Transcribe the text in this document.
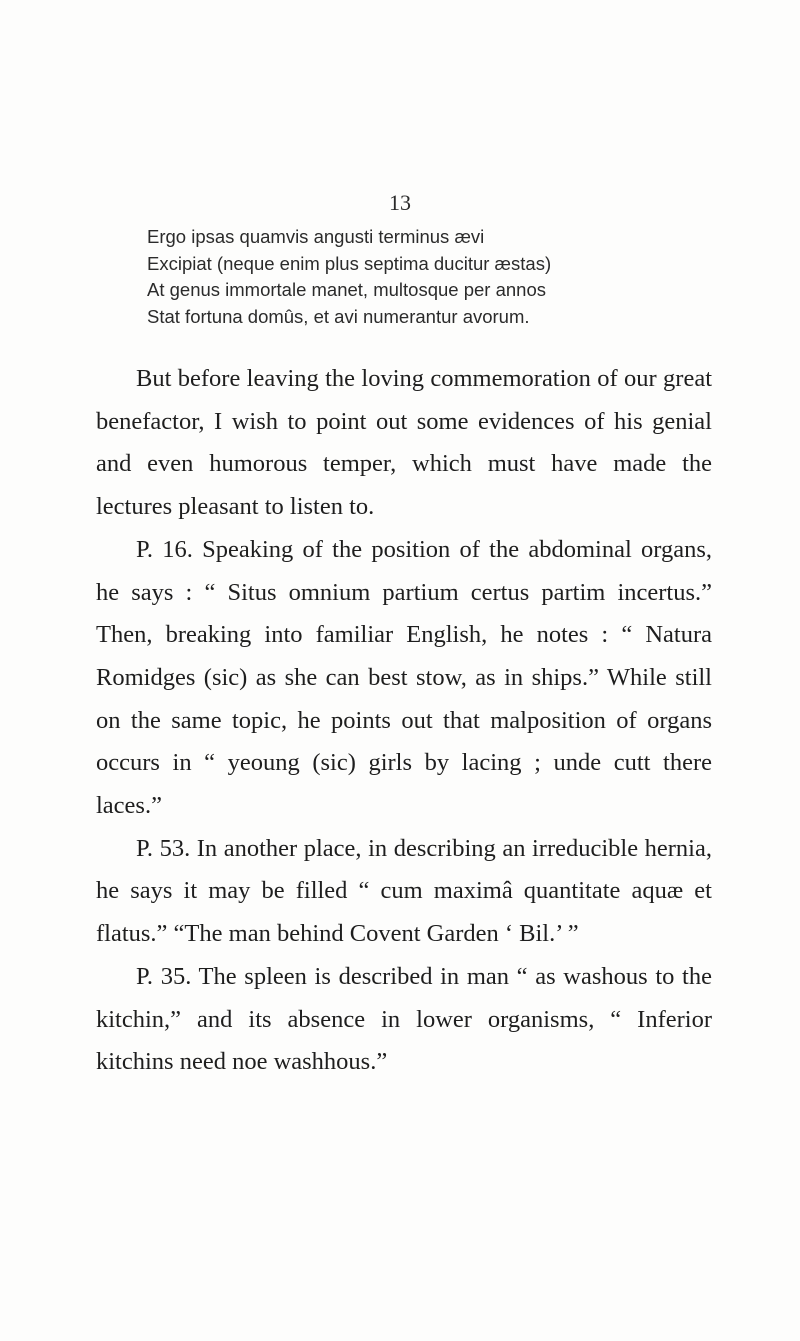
13
Ergo ipsas quamvis angusti terminus ævi
Excipiat (neque enim plus septima ducitur æstas)
At genus immortale manet, multosque per annos
Stat fortuna domûs, et avi numerantur avorum.

But before leaving the loving commemoration of our great benefactor, I wish to point out some evidences of his genial and even humorous temper, which must have made the lectures pleasant to listen to.

P. 16. Speaking of the position of the abdominal organs, he says : “ Situs omnium partium certus partim incertus.” Then, breaking into familiar English, he notes : “ Natura Romidges (sic) as she can best stow, as in ships.” While still on the same topic, he points out that malposition of organs occurs in “ yeoung (sic) girls by lacing ; unde cutt there laces.”

P. 53. In another place, in describing an irreducible hernia, he says it may be filled “ cum maximâ quantitate aquæ et flatus.” “The man behind Covent Garden ‘ Bil.’ ”

P. 35. The spleen is described in man “ as washous to the kitchin,” and its absence in lower organisms, “ Inferior kitchins need noe washhous.”
